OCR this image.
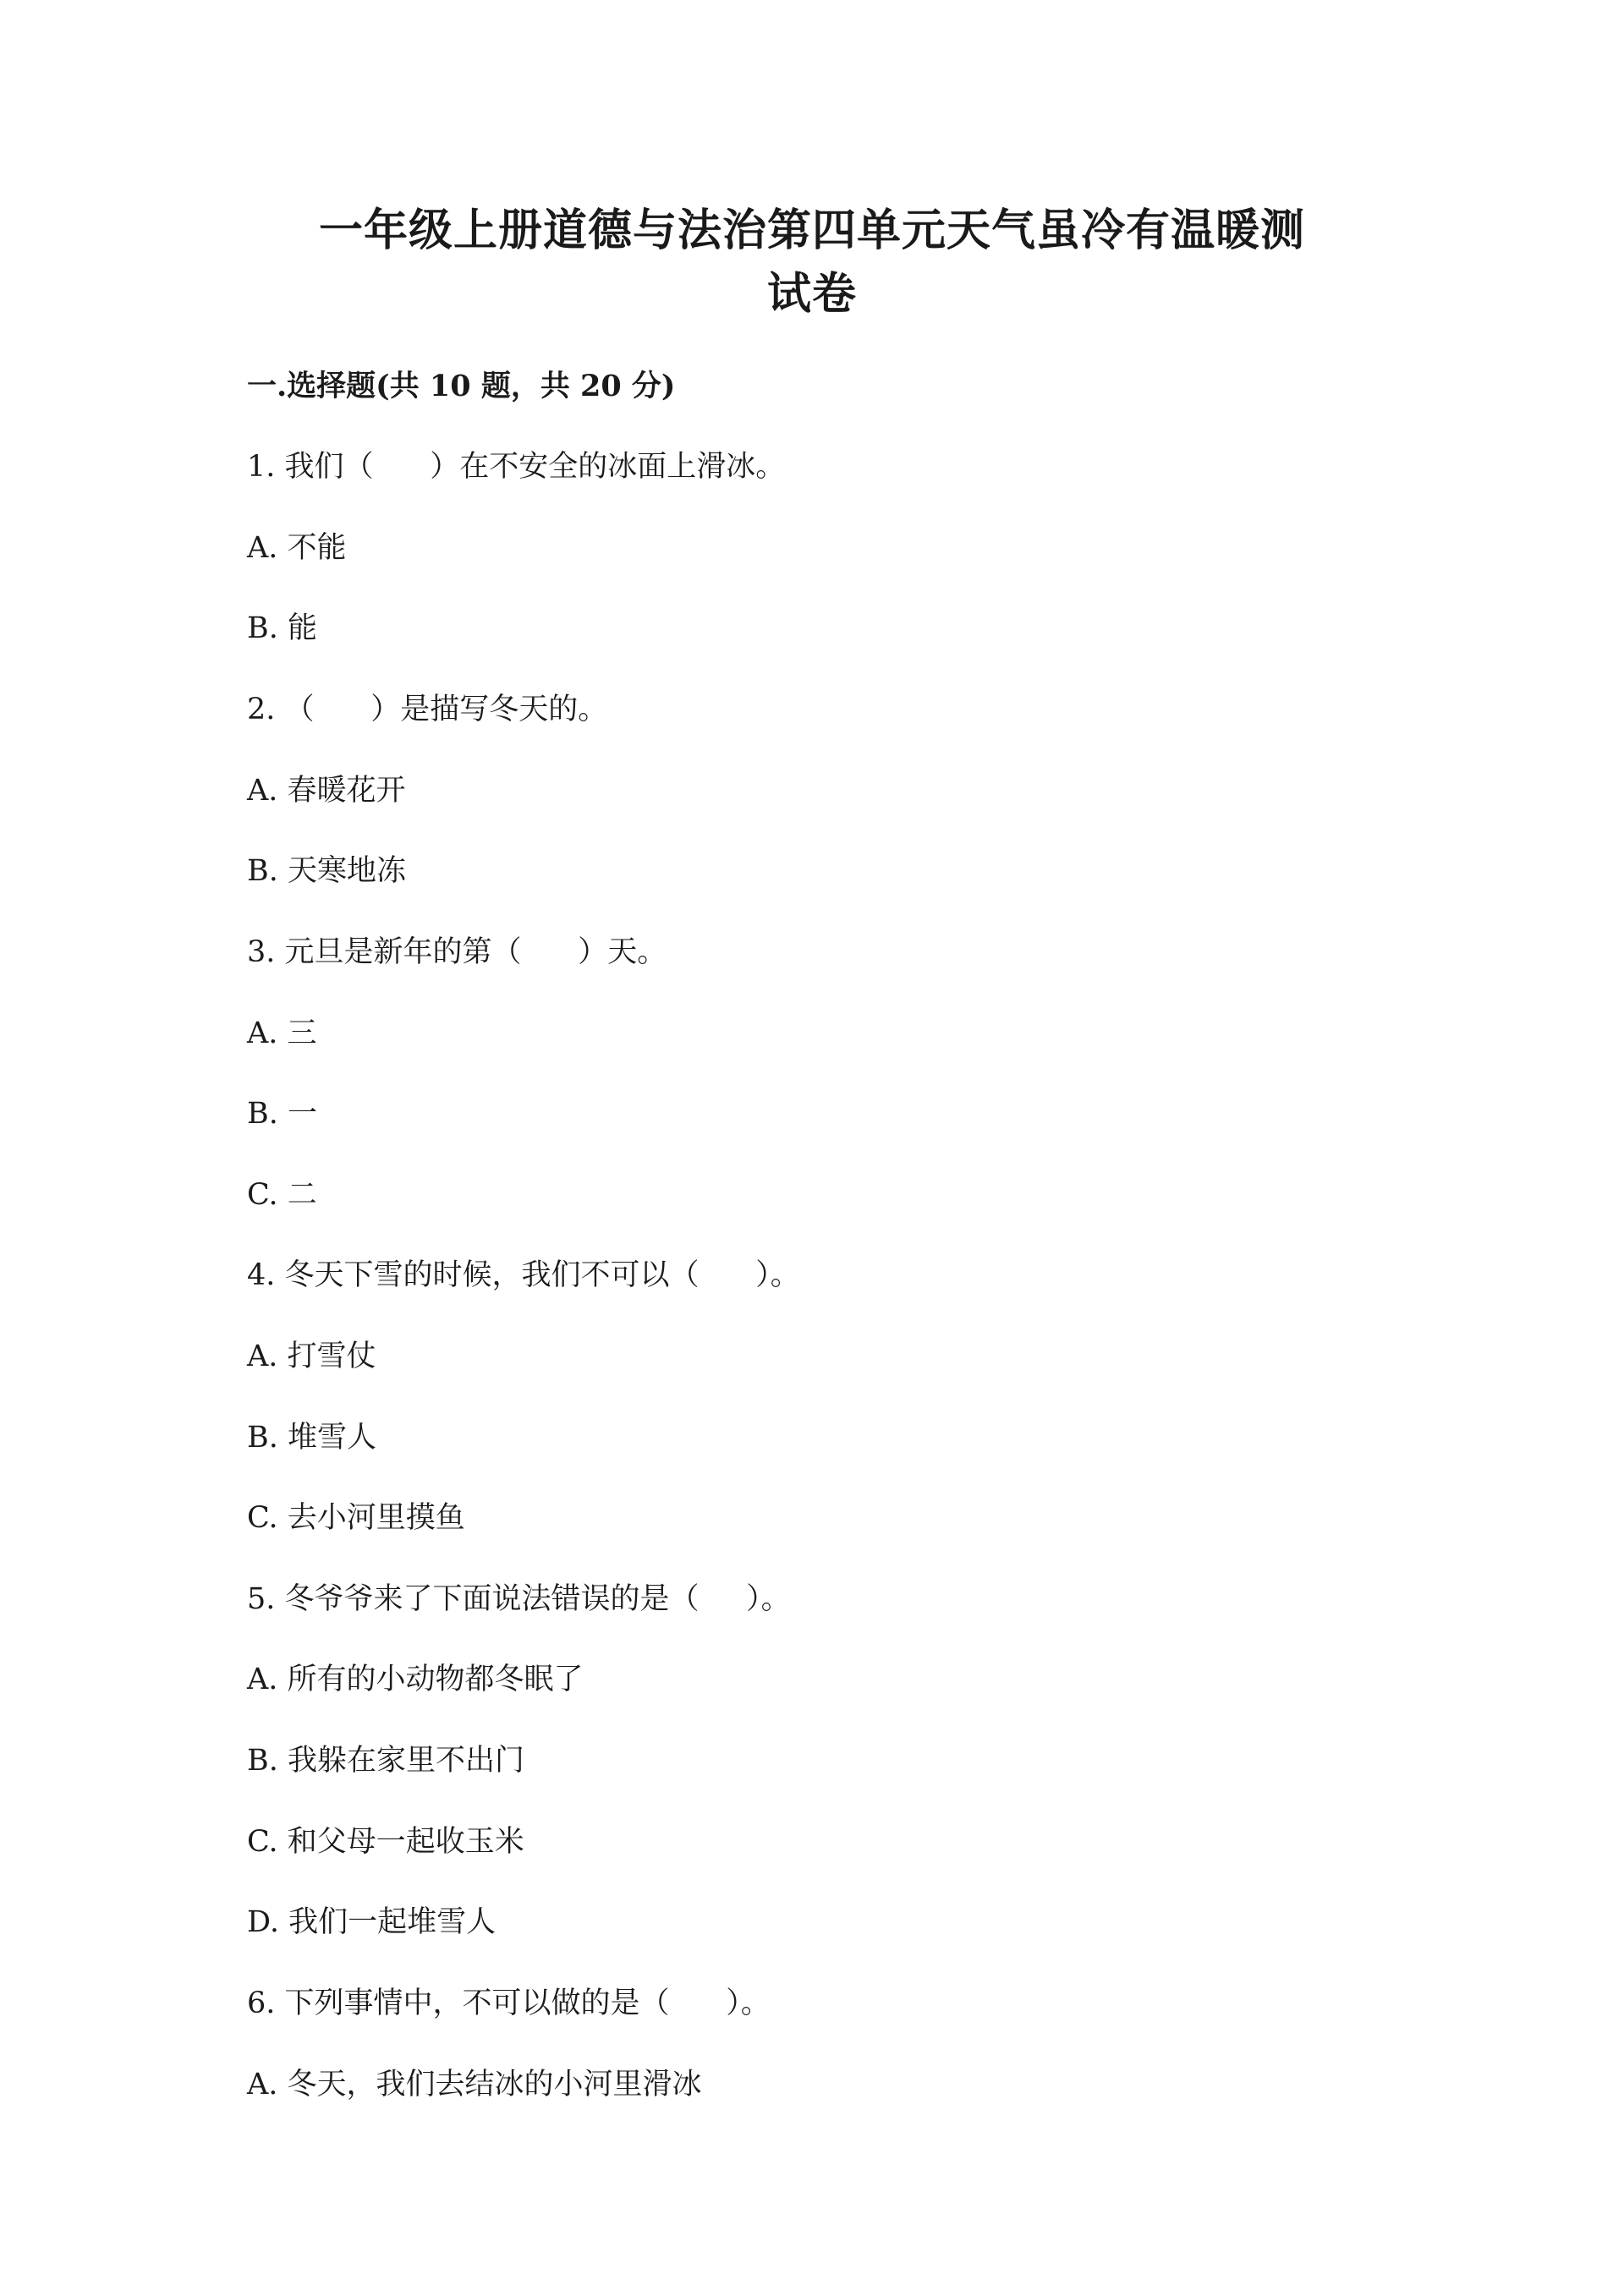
一年级上册道德与法治第四单元天气虽冷有温暖测
试卷
一.选择题(共 10 题，共 20 分)

1. 我们（      ）在不安全的冰面上滑冰。

A. 不能

B. 能

2. （      ）是描写冬天的。

A. 春暖花开

B. 天寒地冻

3. 元旦是新年的第（      ）天。

A. 三

B. 一

C. 二

4. 冬天下雪的时候，我们不可以（      ）。

A. 打雪仗

B. 堆雪人

C. 去小河里摸鱼

5. 冬爷爷来了下面说法错误的是（     ）。

A. 所有的小动物都冬眠了

B. 我躲在家里不出门

C. 和父母一起收玉米

D. 我们一起堆雪人

6. 下列事情中，不可以做的是（      ）。

A. 冬天，我们去结冰的小河里滑冰
